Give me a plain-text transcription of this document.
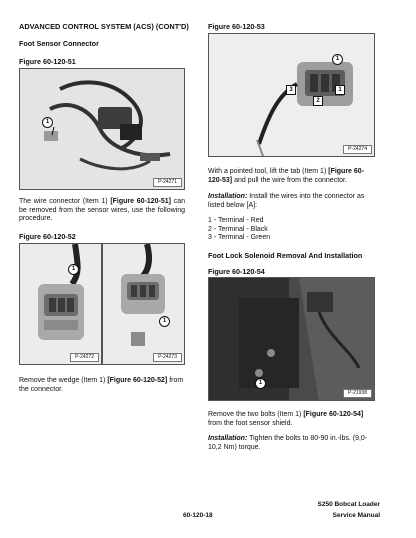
ADVANCED CONTROL SYSTEM (ACS) (CONT'D)
Foot Sensor Connector
Figure 60-120-51
1
P-24271
The wire connector (Item 1) [Figure 60-120-51] can be removed from the sensor wires, use the following procedure.
Figure 60-120-52
1
P-24272
1
P-24273
Remove the wedge (Item 1) [Figure 60-120-52] from the connector.
Figure 60-120-53
1
3
2
1
P-24274
With a pointed tool, lift the tab (Item 1) [Figure 60-120-53] and pull the wire from the connector.
Installation: Install the wires into the connector as listed below [A]:
1 - Terminal - Red
2 - Terminal - Black
3 - Terminal - Green
Foot Lock Solenoid Removal And Installation
Figure 60-120-54
1
P-21938
Remove the two bolts (Item 1) [Figure 60-120-54] from the foot sensor shield.
Installation: Tighten the bolts to 80-90 in.-lbs. (9,0-10,2 Nm) torque.
60-120-18
S250 Bobcat Loader
Service Manual
